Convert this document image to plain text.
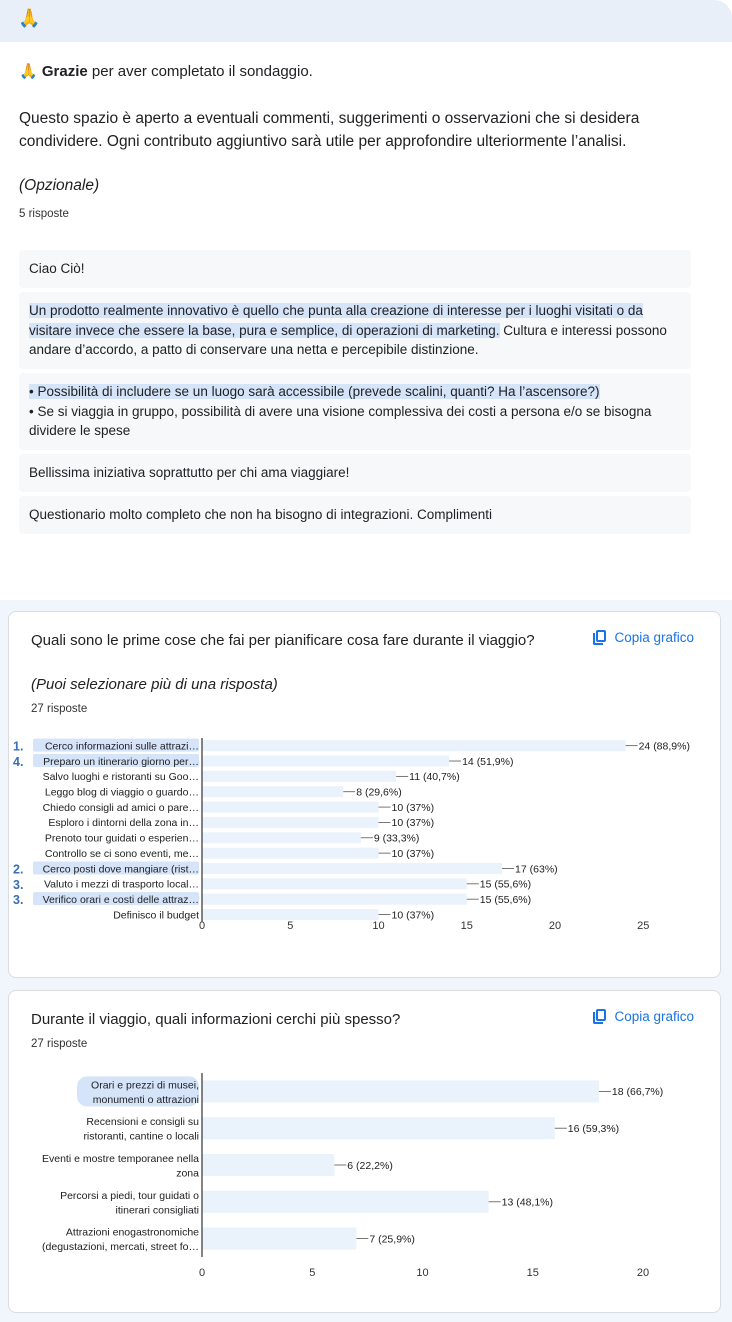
🙏
🙏 Grazie per aver completato il sondaggio.
Questo spazio è aperto a eventuali commenti, suggerimenti o osservazioni che si desidera condividere. Ogni contributo aggiuntivo sarà utile per approfondire ulteriormente l’analisi.
(Opzionale)
5 risposte
Ciao Ciò!
Un prodotto realmente innovativo è quello che punta alla creazione di interesse per i luoghi visitati o da visitare invece che essere la base, pura e semplice, di operazioni di marketing. Cultura e interessi possono andare d’accordo, a patto di conservare una netta e percepibile distinzione.
• Possibilità di includere se un luogo sarà accessibile (prevede scalini, quanti? Ha l’ascensore?)
• Se si viaggia in gruppo, possibilità di avere una visione complessiva dei costi a persona e/o se bisogna dividere le spese
Bellissima iniziativa soprattutto per chi ama viaggiare!
Questionario molto completo che non ha bisogno di integrazioni. Complimenti
Quali sono le prime cose che fai per pianificare cosa fare durante il viaggio?	Copia grafico
(Puoi selezionare più di una risposta)
27 risposte
0	5	10	15	20	25
Cerco informazioni sulle attrazi…
1.	24 (88,9%)
Preparo un itinerario giorno per…
4.	14 (51,9%)
Salvo luoghi e ristoranti su Goo…	11 (40,7%)
Leggo blog di viaggio o guardo…	8 (29,6%)
Chiedo consigli ad amici o pare…	10 (37%)
Esploro i dintorni della zona in…	10 (37%)
Prenoto tour guidati o esperien…	9 (33,3%)
Controllo se ci sono eventi, me…	10 (37%)
Cerco posti dove mangiare (rist…
2.	17 (63%)
Valuto i mezzi di trasporto local…
3.	15 (55,6%)
Verifico orari e costi delle attraz…
3.	15 (55,6%)
Definisco il budget	10 (37%)
Durante il viaggio, quali informazioni cerchi più spesso?	Copia grafico
27 risposte
0	5	10	15	20
Orari e prezzi di musei,
monumenti o attrazioni
18 (66,7%)
Recensioni e consigli su
ristoranti, cantine o locali
16 (59,3%)
Eventi e mostre temporanee nella
zona
6 (22,2%)
Percorsi a piedi, tour guidati o
itinerari consigliati
13 (48,1%)
Attrazioni enogastronomiche
(degustazioni, mercati, street fo…
7 (25,9%)
